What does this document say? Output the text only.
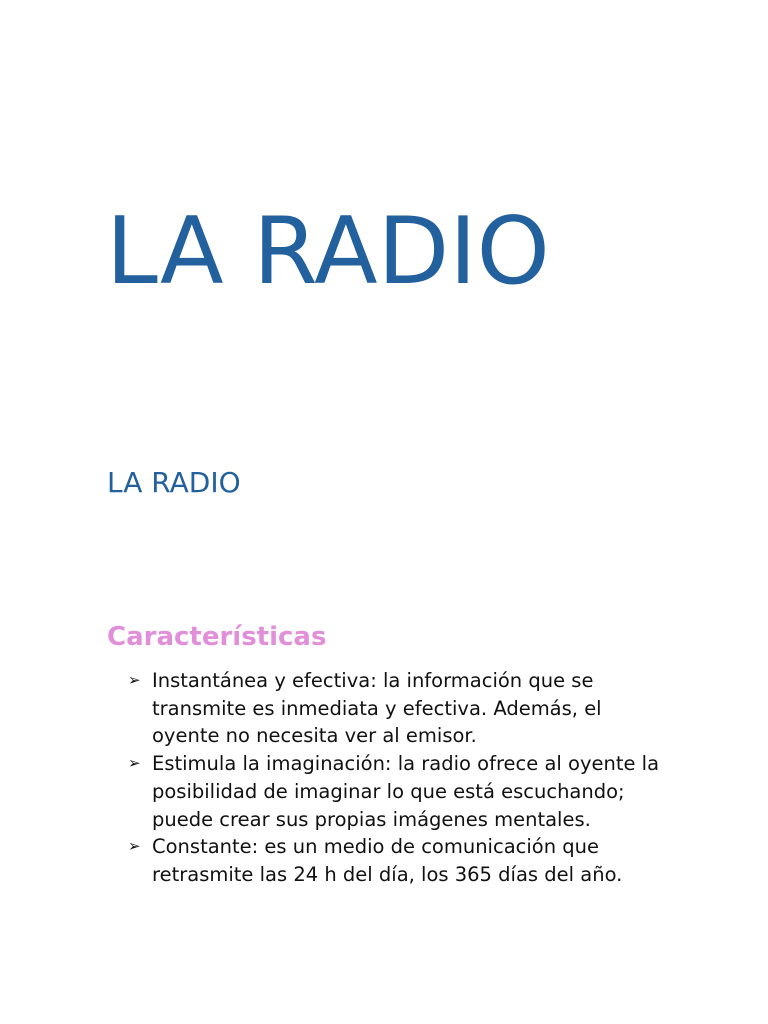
LA RADIO
LA RADIO
Características
➢ Instantánea y efectiva: la información que se transmite es inmediata y efectiva. Además, el oyente no necesita ver al emisor.
➢ Estimula la imaginación: la radio ofrece al oyente la posibilidad de imaginar lo que está escuchando; puede crear sus propias imágenes mentales.
➢ Constante: es un medio de comunicación que retrasmite las 24 h del día, los 365 días del año.
